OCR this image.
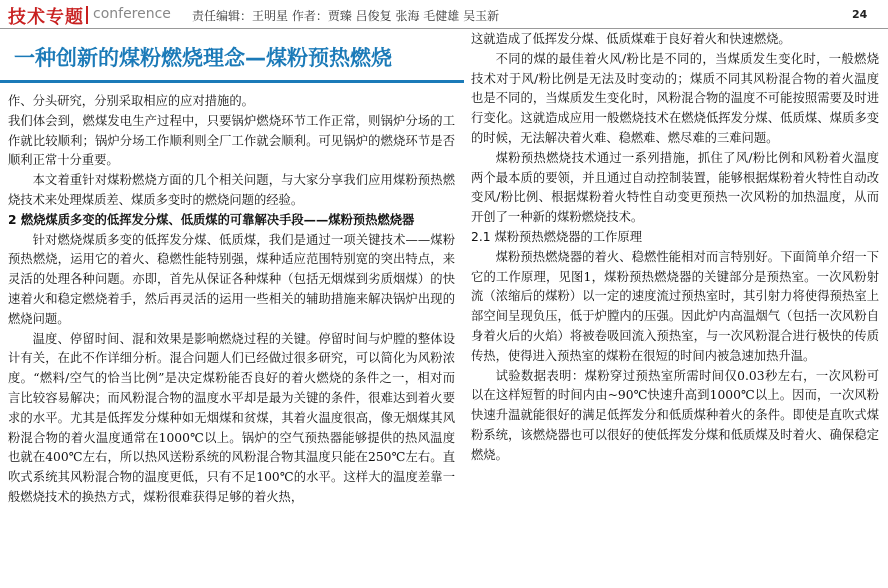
技术专题 conference 责任编辑：王明星 作者：贾臻 吕俊复 张海 毛健雄 吴玉新	24
一种创新的煤粉燃烧理念—煤粉预热燃烧

作、分头研究，分别采取相应的应对措施的。

我们体会到，燃煤发电生产过程中，只要锅炉燃烧环节工作正常，则锅炉分场的工作就比较顺利；锅炉分场工作顺利则全厂工作就会顺利。可见锅炉的燃烧环节是否顺利正常十分重要。

本文着重针对煤粉燃烧方面的几个相关问题，与大家分享我们应用煤粉预热燃烧技术来处理煤质差、煤质多变时的燃烧问题的经验。

2 燃烧煤质多变的低挥发分煤、低质煤的可靠解决手段——煤粉预热燃烧器

针对燃烧煤质多变的低挥发分煤、低质煤，我们是通过一项关键技术——煤粉预热燃烧，运用它的着火、稳燃性能特别强，煤种适应范围特别宽的突出特点，来灵活的处理各种问题。亦即，首先从保证各种煤种（包括无烟煤到劣质烟煤）的快速着火和稳定燃烧着手，然后再灵活的运用一些相关的辅助措施来解决锅炉出现的燃烧问题。

温度、停留时间、混和效果是影响燃烧过程的关键。停留时间与炉膛的整体设计有关，在此不作详细分析。混合问题人们已经做过很多研究，可以简化为风粉浓度。“燃料/空气的恰当比例”是决定煤粉能否良好的着火燃烧的条件之一，相对而言比较容易解决；而风粉混合物的温度水平却是最为关键的条件，很难达到着火要求的水平。尤其是低挥发分煤种如无烟煤和贫煤，其着火温度很高，像无烟煤其风粉混合物的着火温度通常在1000℃以上。锅炉的空气预热器能够提供的热风温度也就在400℃左右，所以热风送粉系统的风粉混合物其温度只能在250℃左右。直吹式系统其风粉混合物的温度更低，只有不足100℃的水平。这样大的温度差靠一般燃烧技术的换热方式，煤粉很难获得足够的着火热，

这就造成了低挥发分煤、低质煤难于良好着火和快速燃烧。

不同的煤的最佳着火风/粉比是不同的，当煤质发生变化时，一般燃烧技术对于风/粉比例是无法及时变动的；煤质不同其风粉混合物的着火温度也是不同的，当煤质发生变化时，风粉混合物的温度不可能按照需要及时进行变化。这就造成应用一般燃烧技术在燃烧低挥发分煤、低质煤、煤质多变的时候，无法解决着火难、稳燃难、燃尽难的三难问题。

煤粉预热燃烧技术通过一系列措施，抓住了风/粉比例和风粉着火温度两个最本质的要领，并且通过自动控制装置，能够根据煤粉着火特性自动改变风/粉比例、根据煤粉着火特性自动变更预热一次风粉的加热温度，从而开创了一种新的煤粉燃烧技术。

2.1 煤粉预热燃烧器的工作原理

煤粉预热燃烧器的着火、稳燃性能相对而言特别好。下面简单介绍一下它的工作原理，见图1，煤粉预热燃烧器的关键部分是预热室。一次风粉射流（浓缩后的煤粉）以一定的速度流过预热室时，其引射力将使得预热室上部空间呈现负压，低于炉膛内的压强。因此炉内高温烟气（包括一次风粉自身着火后的火焰）将被卷吸回流入预热室，与一次风粉混合进行极快的传质传热，使得进入预热室的煤粉在很短的时间内被急速加热升温。

试验数据表明：煤粉穿过预热室所需时间仅0.03秒左右，一次风粉可以在这样短暂的时间内由~90℃快速升高到1000℃以上。因而，一次风粉快速升温就能很好的满足低挥发分和低质煤种着火的条件。即使是直吹式煤粉系统，该燃烧器也可以很好的使低挥发分煤和低质煤及时着火、确保稳定燃烧。
